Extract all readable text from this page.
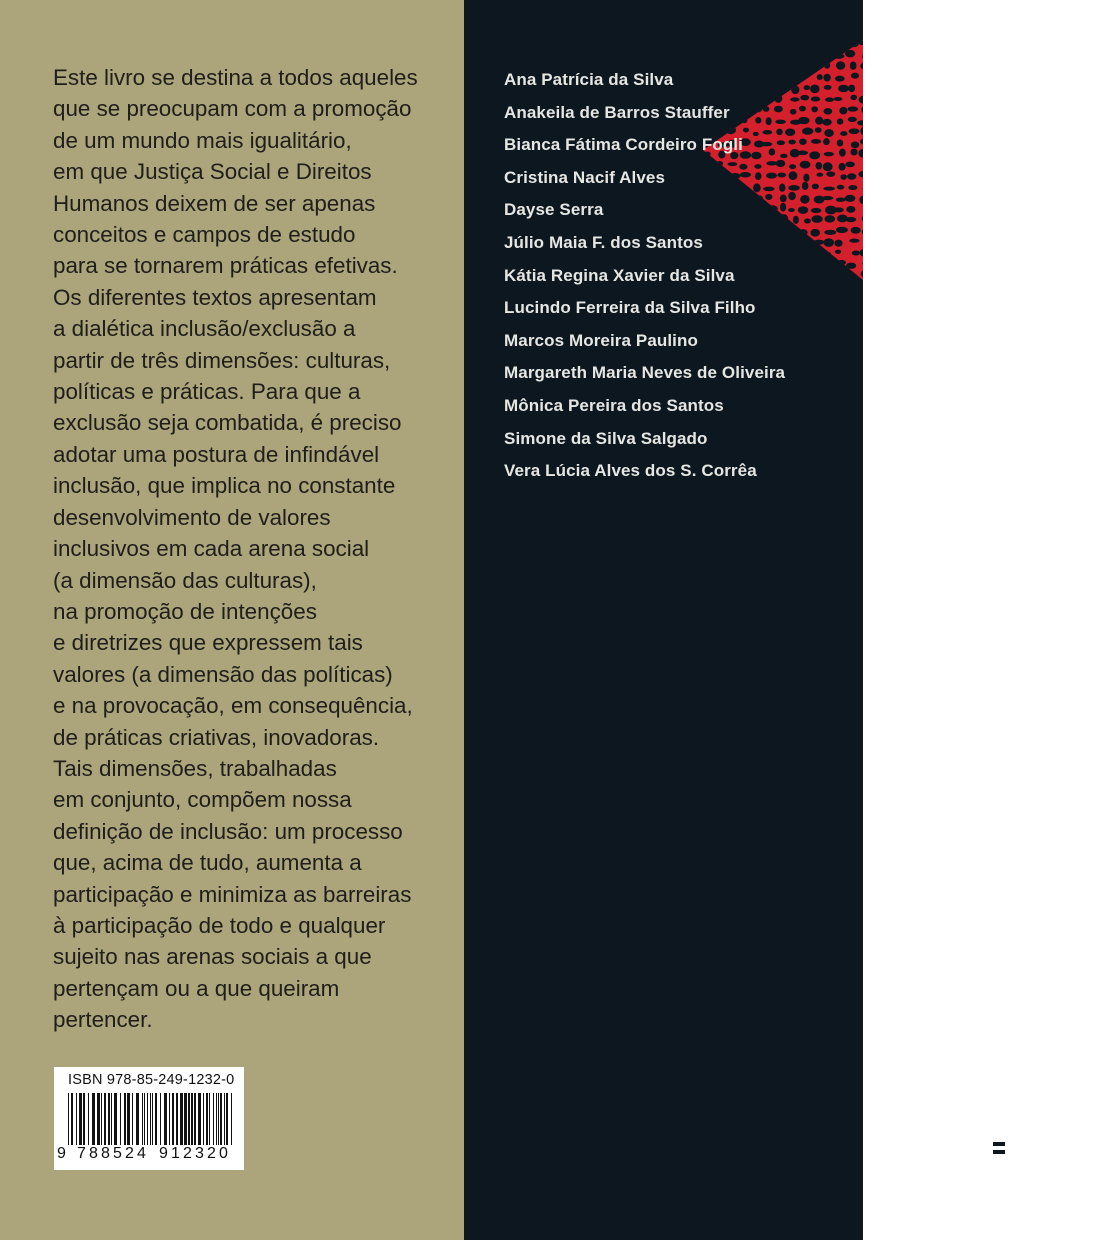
Este livro se destina a todos aqueles
que se preocupam com a promoção
de um mundo mais igualitário,
em que Justiça Social e Direitos
Humanos deixem de ser apenas
conceitos e campos de estudo
para se tornarem práticas efetivas.
Os diferentes textos apresentam
a dialética inclusão/exclusão a
partir de três dimensões: culturas,
políticas e práticas. Para que a
exclusão seja combatida, é preciso
adotar uma postura de infindável
inclusão, que implica no constante
desenvolvimento de valores
inclusivos em cada arena social
(a dimensão das culturas),
na promoção de intenções
e diretrizes que expressem tais
valores (a dimensão das políticas)
e na provocação, em consequência,
de práticas criativas, inovadoras.
Tais dimensões, trabalhadas
em conjunto, compõem nossa
definição de inclusão: um processo
que, acima de tudo, aumenta a
participação e minimiza as barreiras
à participação de todo e qualquer
sujeito nas arenas sociais a que
pertençam ou a que queiram
pertencer.
ISBN 978-85-249-1232-0
9 788524 912320
Ana Patrícia da Silva
Anakeila de Barros Stauffer
Bianca Fátima Cordeiro Fogli
Cristina Nacif Alves
Dayse Serra
Júlio Maia F. dos Santos
Kátia Regina Xavier da Silva
Lucindo Ferreira da Silva Filho
Marcos Moreira Paulino
Margareth Maria Neves de Oliveira
Mônica Pereira dos Santos
Simone da Silva Salgado
Vera Lúcia Alves dos S. Corrêa
CORTEZ
EDITORA
